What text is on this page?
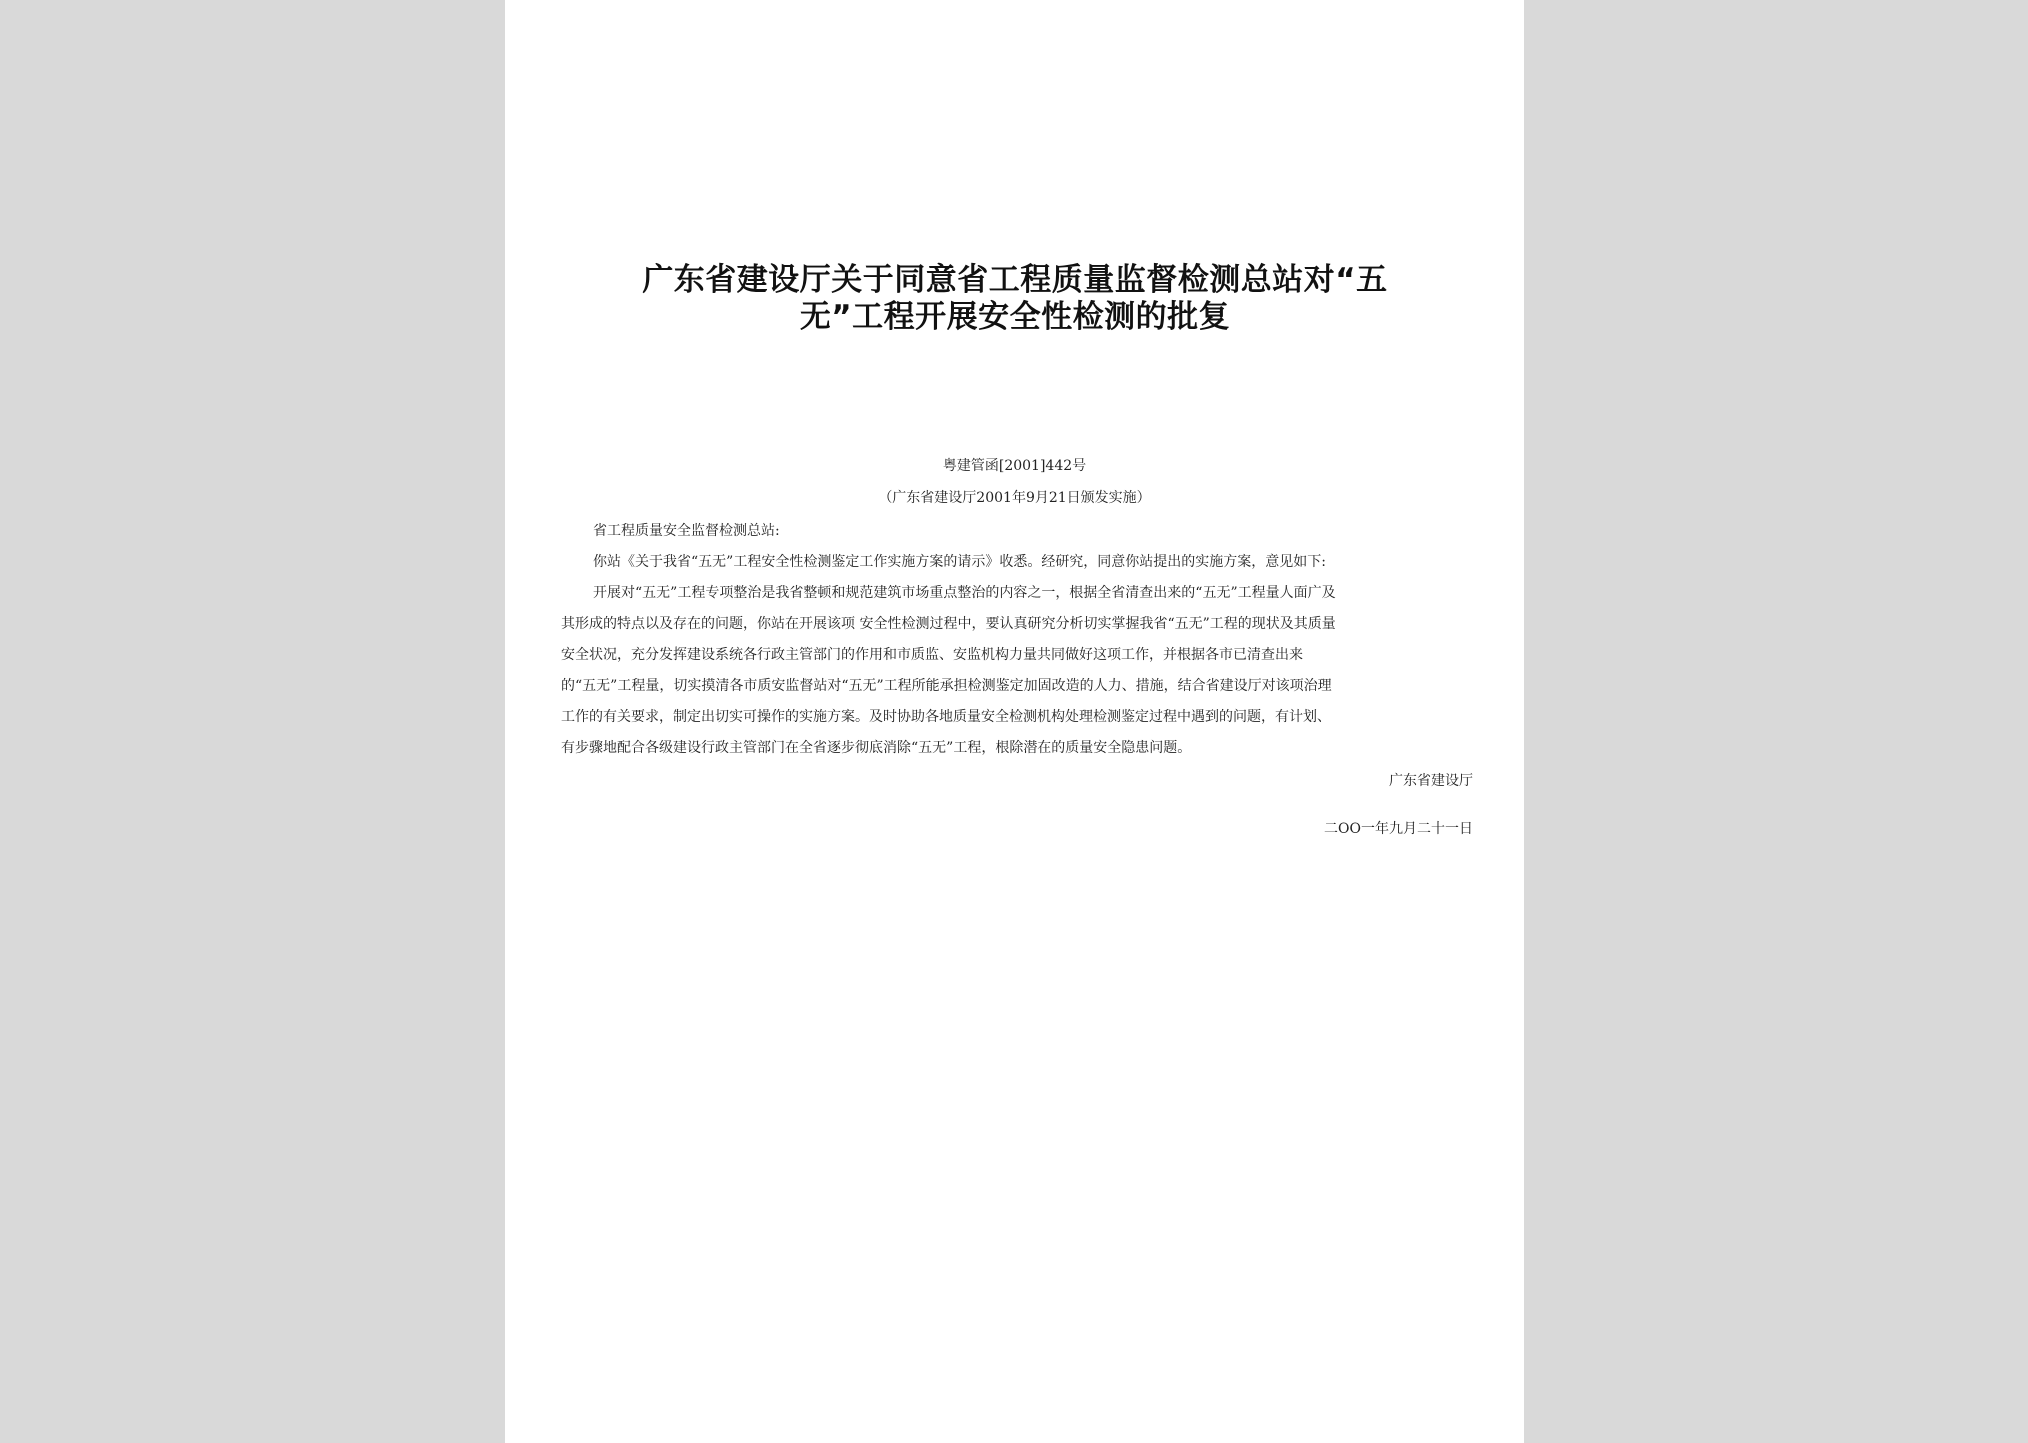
广东省建设厅关于同意省工程质量监督检测总站对“五
无”工程开展安全性检测的批复
粤建管函[2001]442号
（广东省建设厅2001年9月21日颁发实施）
省工程质量安全监督检测总站:
你站《关于我省“五无”工程安全性检测鉴定工作实施方案的请示》收悉。经研究，同意你站提出的实施方案，意见如下:
开展对“五无”工程专项整治是我省整顿和规范建筑市场重点整治的内容之一，根据全省清查出来的“五无”工程量人面广及
其形成的特点以及存在的问题，你站在开展该项 安全性检测过程中，要认真研究分析切实掌握我省“五无”工程的现状及其质量
安全状况，充分发挥建设系统各行政主管部门的作用和市质监、安监机构力量共同做好这项工作，并根据各市已清查出来
的“五无”工程量，切实摸清各市质安监督站对“五无”工程所能承担检测鉴定加固改造的人力、措施，结合省建设厅对该项治理
工作的有关要求，制定出切实可操作的实施方案。及时协助各地质量安全检测机构处理检测鉴定过程中遇到的问题，有计划、
有步骤地配合各级建设行政主管部门在全省逐步彻底消除“五无”工程，根除潜在的质量安全隐患问题。
广东省建设厅
二OO一年九月二十一日
